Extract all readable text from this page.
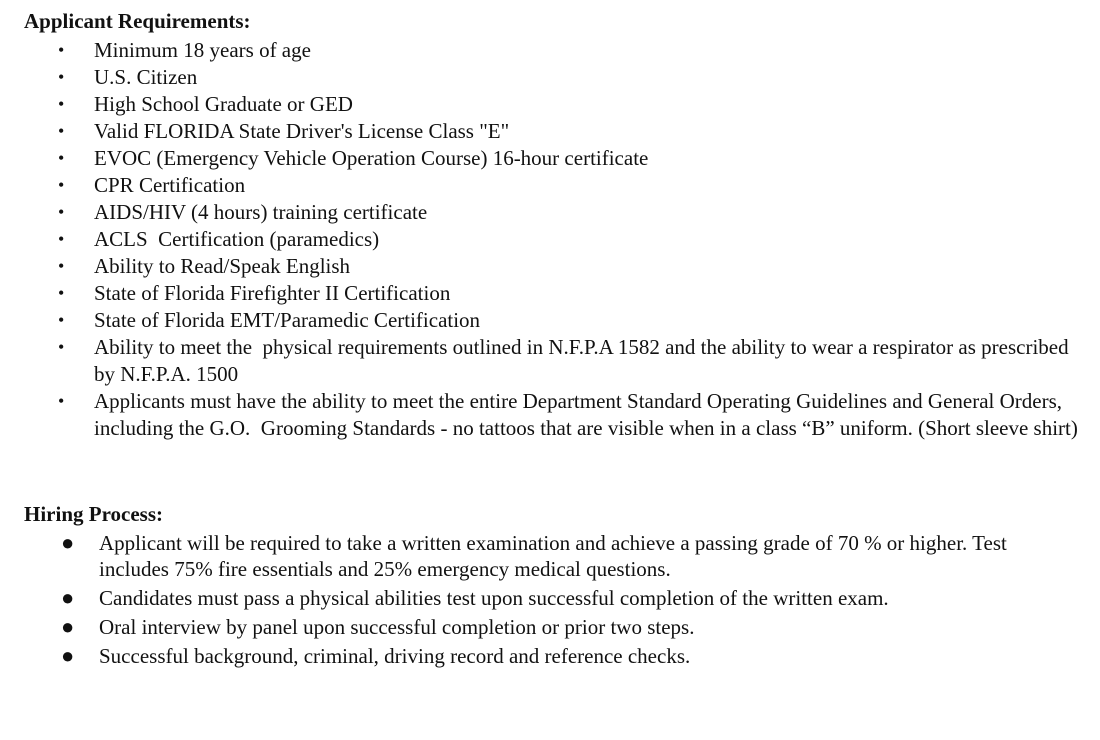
Applicant Requirements:
• Minimum 18 years of age
• U.S. Citizen
• High School Graduate or GED
• Valid FLORIDA State Driver's License Class "E"
• EVOC (Emergency Vehicle Operation Course) 16-hour certificate
• CPR Certification
• AIDS/HIV (4 hours) training certificate
• ACLS  Certification (paramedics)
• Ability to Read/Speak English
• State of Florida Firefighter II Certification
• State of Florida EMT/Paramedic Certification
• Ability to meet the  physical requirements outlined in N.F.P.A 1582 and the ability to wear a respirator as prescribed by N.F.P.A. 1500
• Applicants must have the ability to meet the entire Department Standard Operating Guidelines and General Orders, including the G.O.  Grooming Standards - no tattoos that are visible when in a class “B” uniform. (Short sleeve shirt)
Hiring Process:
● Applicant will be required to take a written examination and achieve a passing grade of 70 % or higher. Test includes 75% fire essentials and 25% emergency medical questions.
● Candidates must pass a physical abilities test upon successful completion of the written exam.
● Oral interview by panel upon successful completion or prior two steps.
● Successful background, criminal, driving record and reference checks.
